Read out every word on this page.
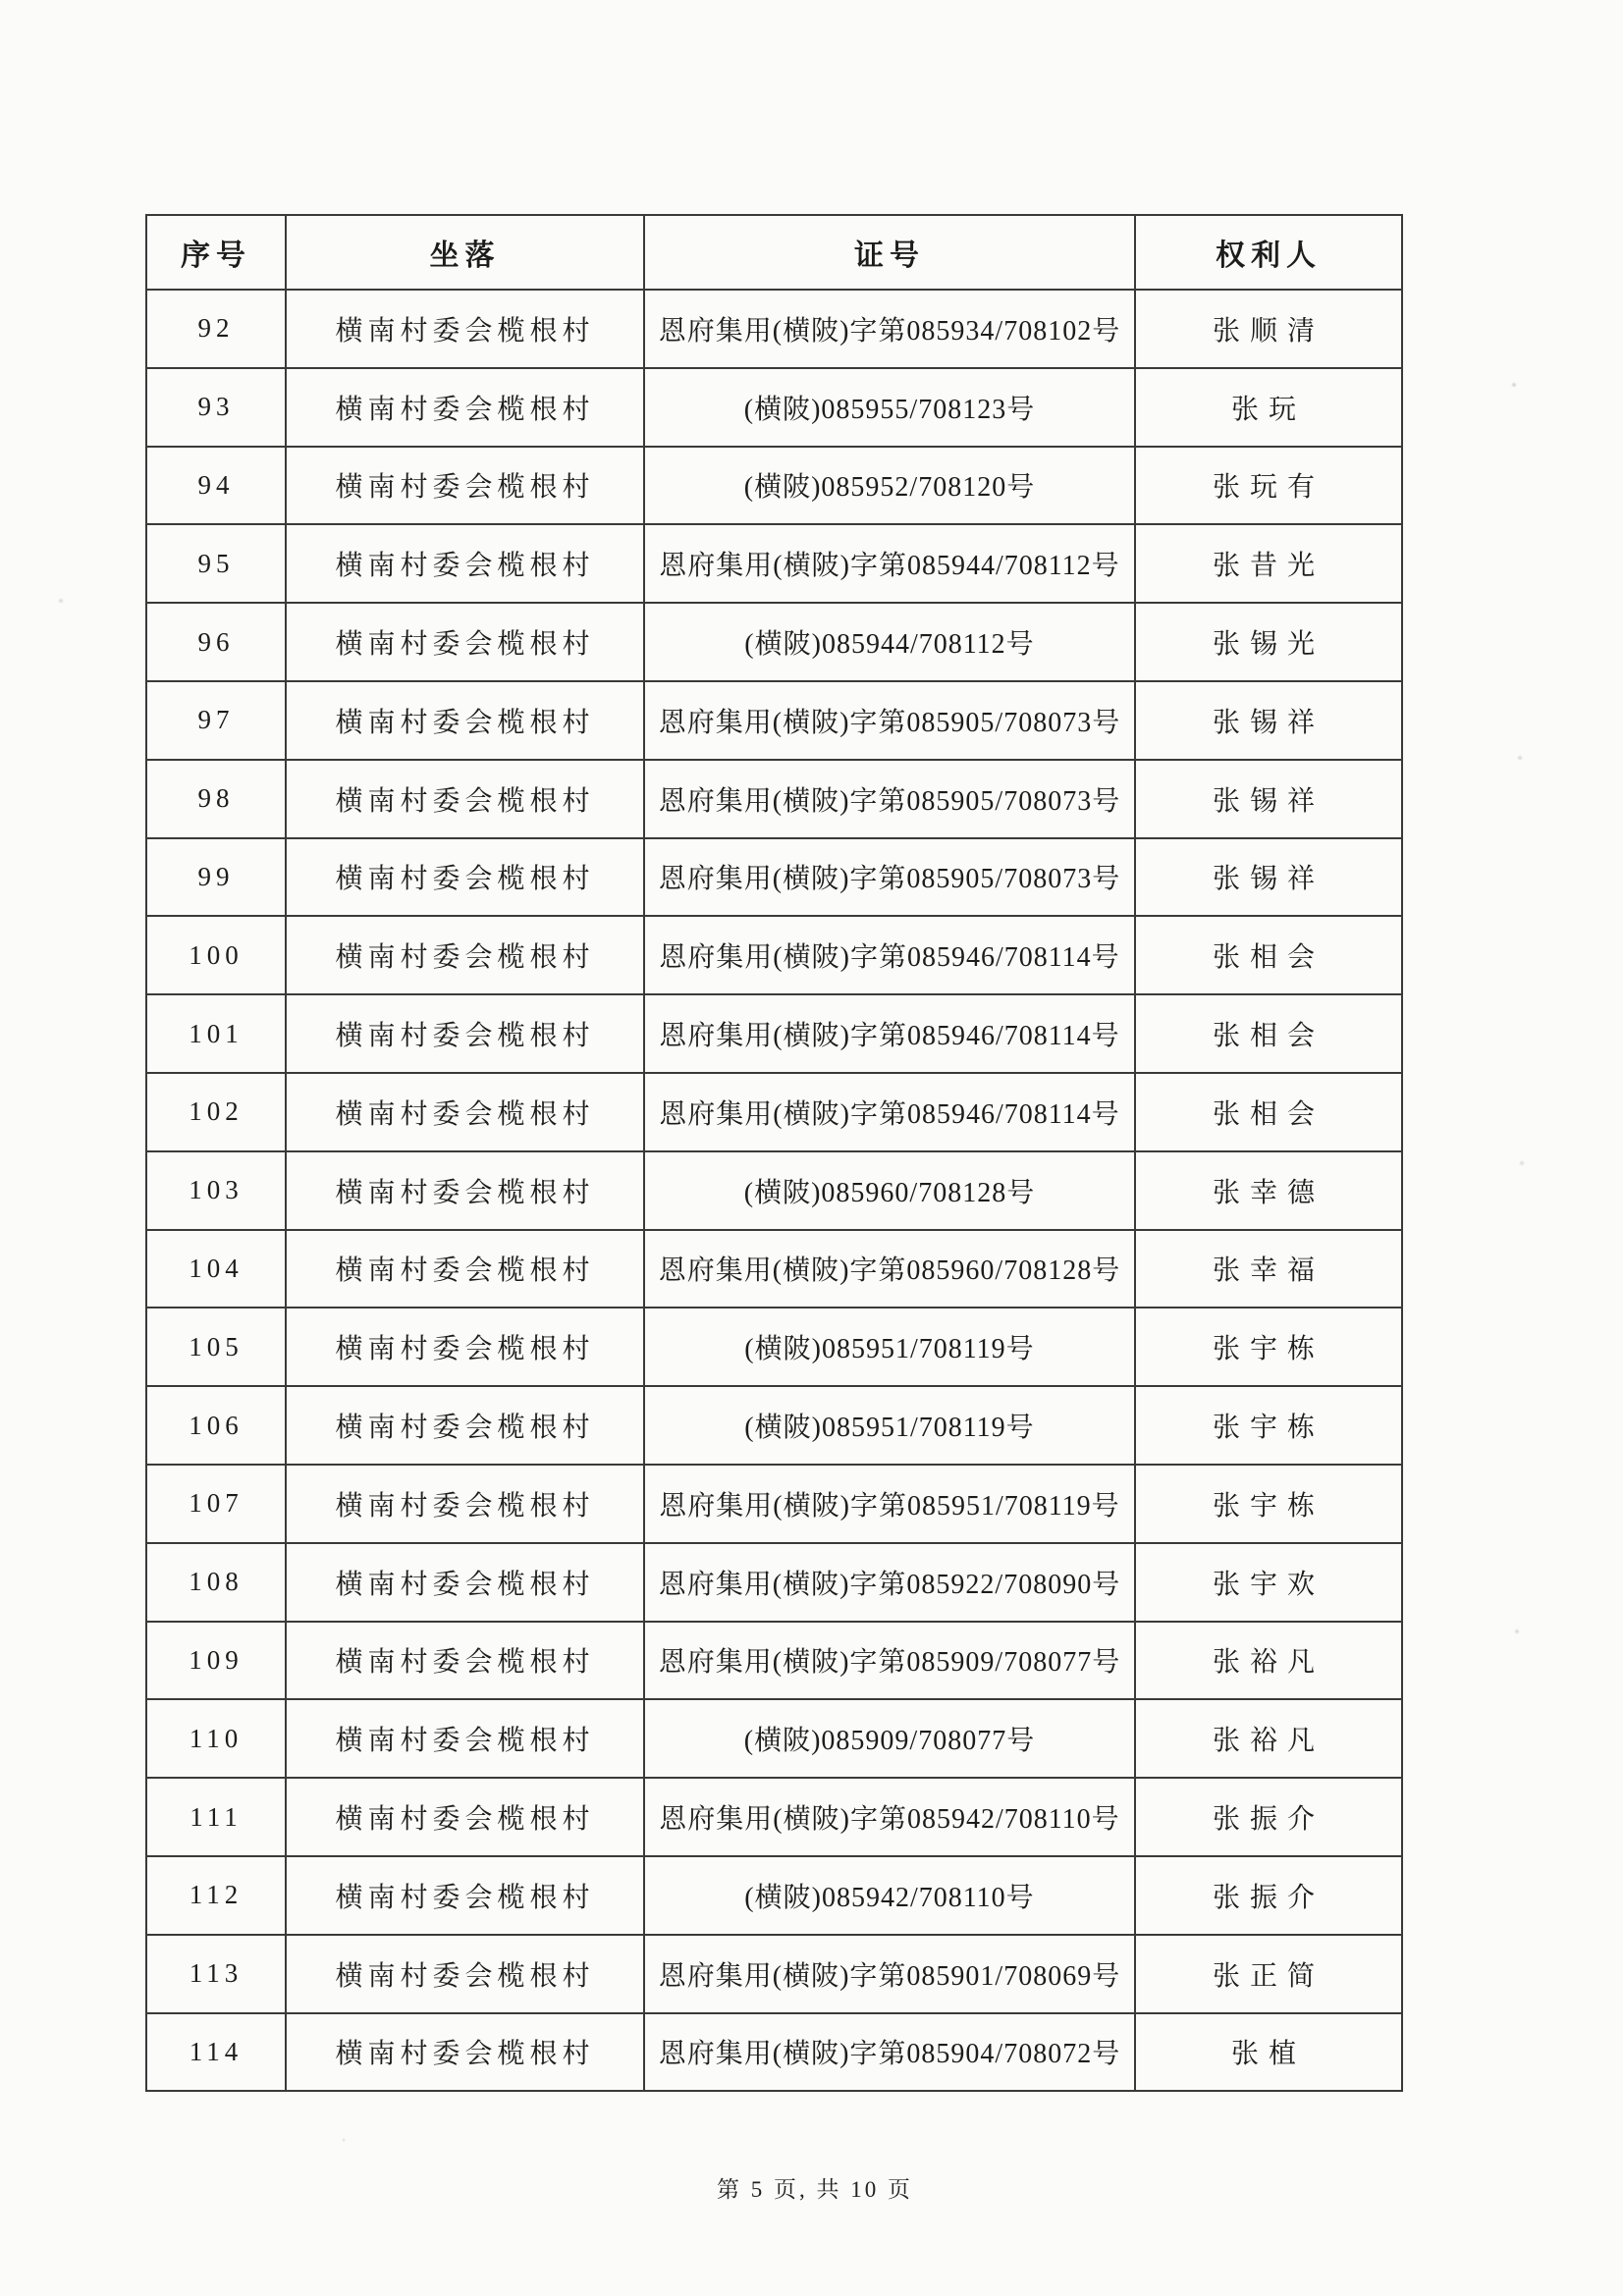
序号	坐落	证号	权利人
92	横南村委会榄根村	恩府集用(横陂)字第085934/708102号	张顺清
93	横南村委会榄根村	(横陂)085955/708123号	张玩
94	横南村委会榄根村	(横陂)085952/708120号	张玩有
95	横南村委会榄根村	恩府集用(横陂)字第085944/708112号	张昔光
96	横南村委会榄根村	(横陂)085944/708112号	张锡光
97	横南村委会榄根村	恩府集用(横陂)字第085905/708073号	张锡祥
98	横南村委会榄根村	恩府集用(横陂)字第085905/708073号	张锡祥
99	横南村委会榄根村	恩府集用(横陂)字第085905/708073号	张锡祥
100	横南村委会榄根村	恩府集用(横陂)字第085946/708114号	张相会
101	横南村委会榄根村	恩府集用(横陂)字第085946/708114号	张相会
102	横南村委会榄根村	恩府集用(横陂)字第085946/708114号	张相会
103	横南村委会榄根村	(横陂)085960/708128号	张幸德
104	横南村委会榄根村	恩府集用(横陂)字第085960/708128号	张幸福
105	横南村委会榄根村	(横陂)085951/708119号	张宇栋
106	横南村委会榄根村	(横陂)085951/708119号	张宇栋
107	横南村委会榄根村	恩府集用(横陂)字第085951/708119号	张宇栋
108	横南村委会榄根村	恩府集用(横陂)字第085922/708090号	张宇欢
109	横南村委会榄根村	恩府集用(横陂)字第085909/708077号	张裕凡
110	横南村委会榄根村	(横陂)085909/708077号	张裕凡
111	横南村委会榄根村	恩府集用(横陂)字第085942/708110号	张振介
112	横南村委会榄根村	(横陂)085942/708110号	张振介
113	横南村委会榄根村	恩府集用(横陂)字第085901/708069号	张正简
114	横南村委会榄根村	恩府集用(横陂)字第085904/708072号	张植
第 5 页, 共 10 页
